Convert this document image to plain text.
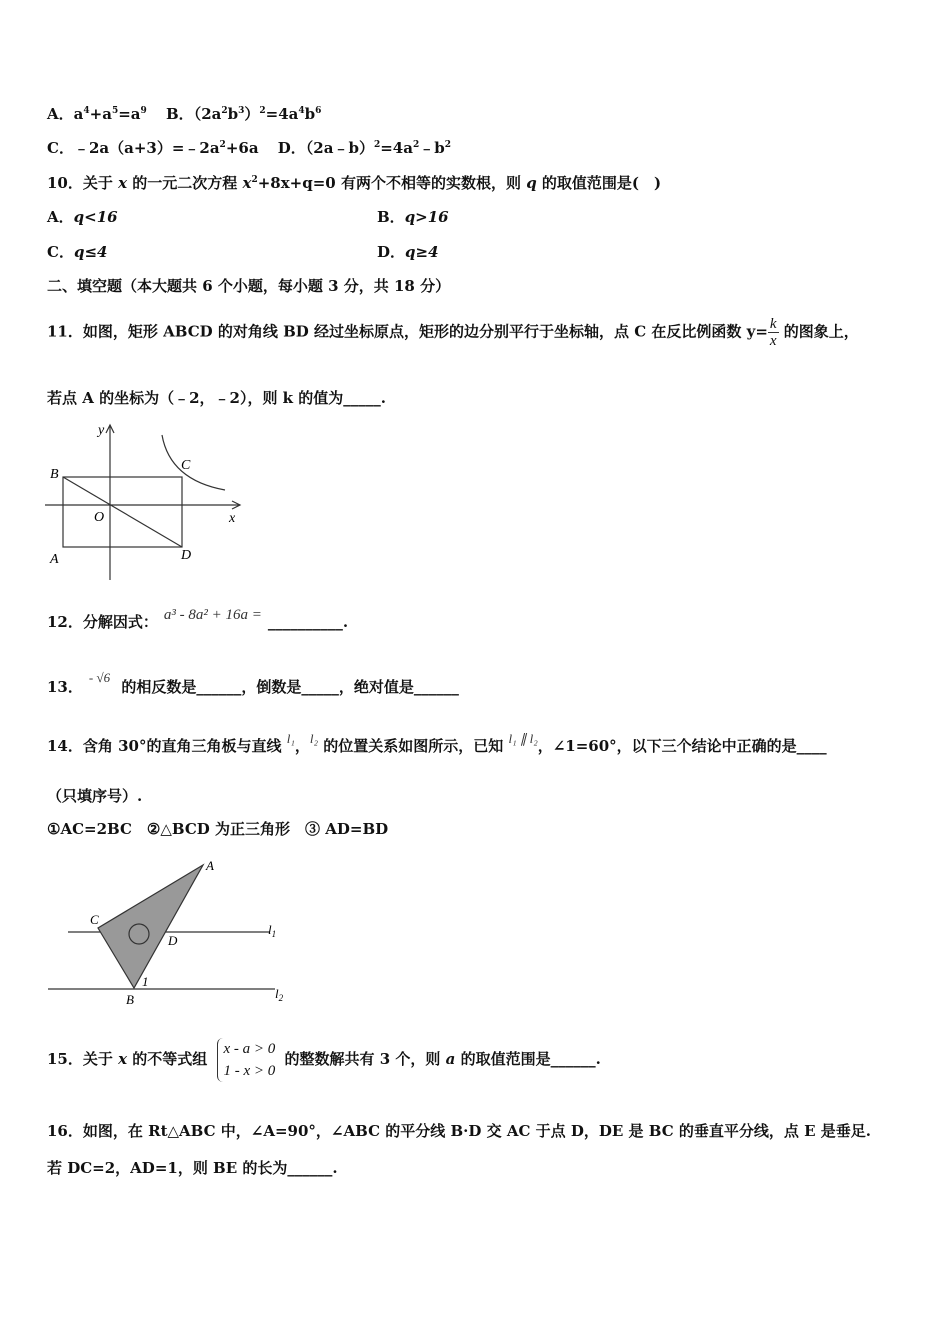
A．$a^4+a^5=a^9$ B．$(2a^2b^3)^2=4a^4b^6$
C．$﹣2a(a+3)=﹣2a^2+6a$ D．$(2a﹣b)^2=4a^2﹣b^2$
10．关于 x 的一元二次方程 $x^2+8x+q=0$ 有两个不相等的实数根，则 q 的取值范围是(　)
A．q<16	B．q>16
C．q≤4	D．q≥4
二、填空题（本大题共 6 个小题，每小题 3 分，共 18 分）
11．如图，矩形 ABCD 的对角线 BD 经过坐标原点，矩形的边分别平行于坐标轴，点 C 在反比例函数 $y= \frac{k}{x}$ 的图象上，
若点 A 的坐标为（﹣2，﹣2），则 k 的值为_____.
y
x
O
A
B
C
D
12．分解因式： a³ - 8a² + 16a = __________.
13．- √6 的相反数是______，倒数是_____，绝对值是______
14．含角 30°的直角三角板与直线 l₁，l₂ 的位置关系如图所示，已知 l₁ ∥ l₂，∠1=60°，以下三个结论中正确的是____
（只填序号）.
①AC=2BC　②△BCD 为正三角形　③ AD=BD
A
C
D
B
1
$l_1$
$l_2$
15．关于 x 的不等式组
x - a > 0
1 - x > 0
的整数解共有 3 个，则 a 的取值范围是______.
16．如图，在 Rt△ABC 中，∠A=90°，∠ABC 的平分线 B·D 交 AC 于点 D，DE 是 BC 的垂直平分线，点 E 是垂足.
若 DC=2，AD=1，则 BE 的长为______.
